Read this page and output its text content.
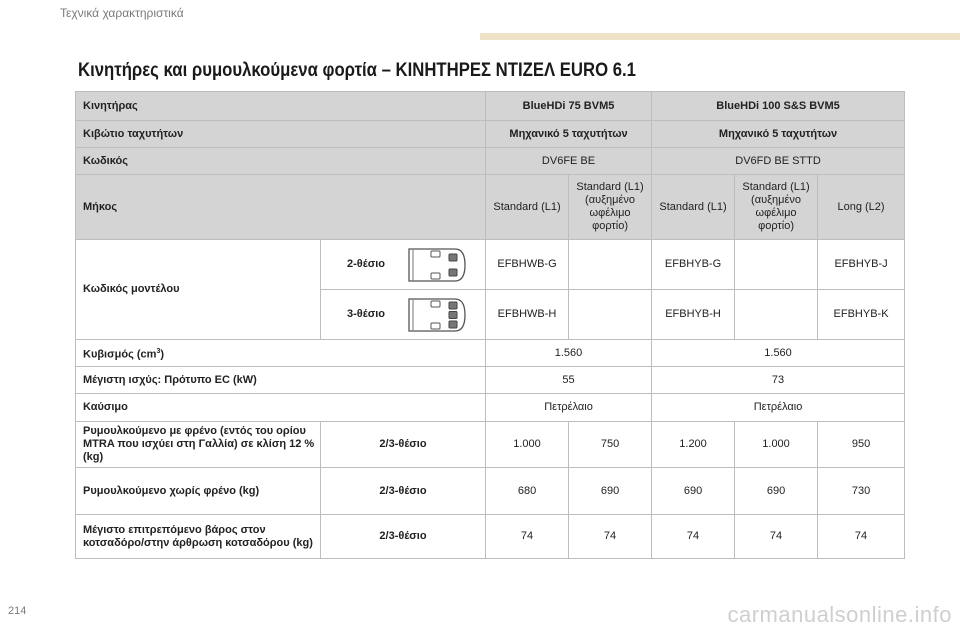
Τεχνικά χαρακτηριστικά
Κινητήρες και ρυμουλκούμενα φορτία – ΚΙΝΗΤΗΡΕΣ ΝΤΙΖΕΛ EURO 6.1
Κινητήρας		BlueHDi 75 BVM5		BlueHDi 100 S&S BVM5		
Κιβώτιο ταχυτήτων		Μηχανικό 5 ταχυτήτων		Μηχανικό 5 ταχυτήτων		
Κωδικός		DV6FE BE		DV6FD BE STTD		
Μήκος		Standard (L1)	Standard (L1) (αυξημένο ωφέλιμο φορτίο)	Standard (L1)	Standard (L1) (αυξημένο ωφέλιμο φορτίο)	Long (L2)
Κωδικός μοντέλου	2-θέσιο	EFBHWB-G		EFBHYB-G		EFBHYB-J

	3-θέσιο	EFBHWB-H		EFBHYB-H		EFBHYB-K
Κυβισμός $(cm^3)$		1.560		1.560		
Μέγιστη ισχύς: Πρότυπο EC (kW)		55		73		
Καύσιμο		Πετρέλαιο		Πετρέλαιο		
Ρυμουλκούμενο με φρένο (εντός του ορίου MTRA που ισχύει στη Γαλλία) σε κλίση 12 % (kg)	2/3-θέσιο	1.000	750	1.200	1.000	950
Ρυμουλκούμενο χωρίς φρένο (kg)	2/3-θέσιο	680	690	690	690	730
Μέγιστο επιτρεπόμενο βάρος στον κοτσαδόρο/στην άρθρωση κοτσαδόρου (kg)	2/3-θέσιο	74	74	74	74	74
214	carmanualsonline.info
